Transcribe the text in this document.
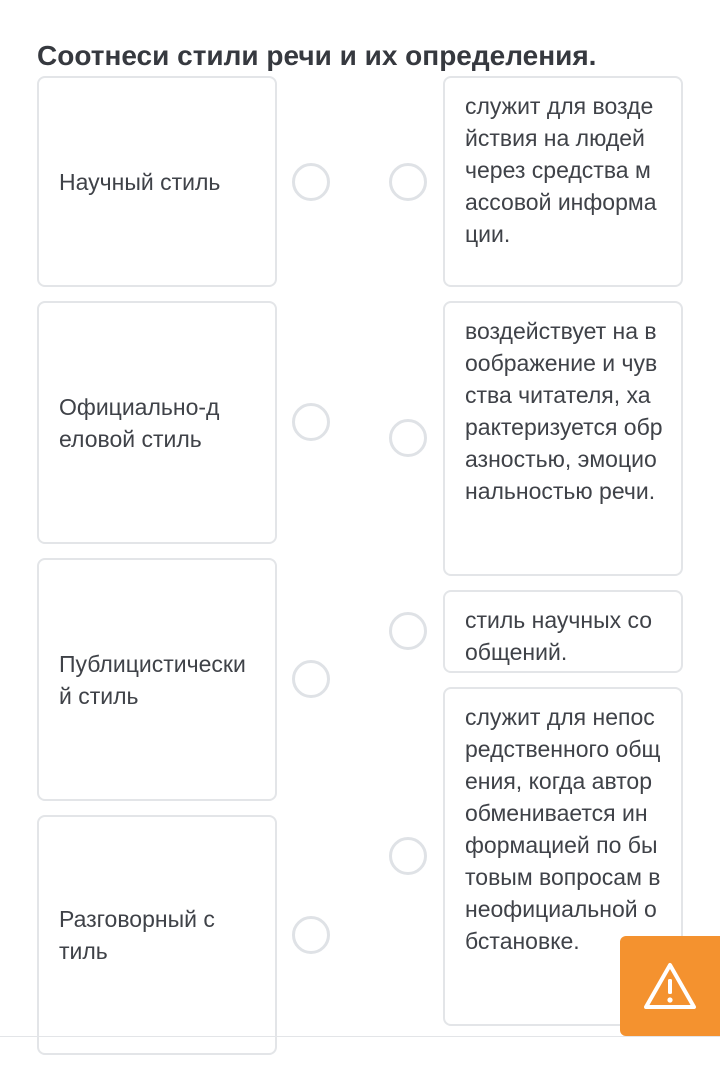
Соотнеси стили речи и их определения.
Научный стиль
Официально-деловой стиль
Публицистический стиль
Разговорный стиль
служит для воздействия на людей через средства массовой информации.
воздействует на воображение и чувства читателя, характеризуется образностью, эмоциональностью речи.
стиль научных сообщений.
служит для непосредственного общения, когда автор обменивается информацией по бытовым вопросам в неофициальной обстановке.
